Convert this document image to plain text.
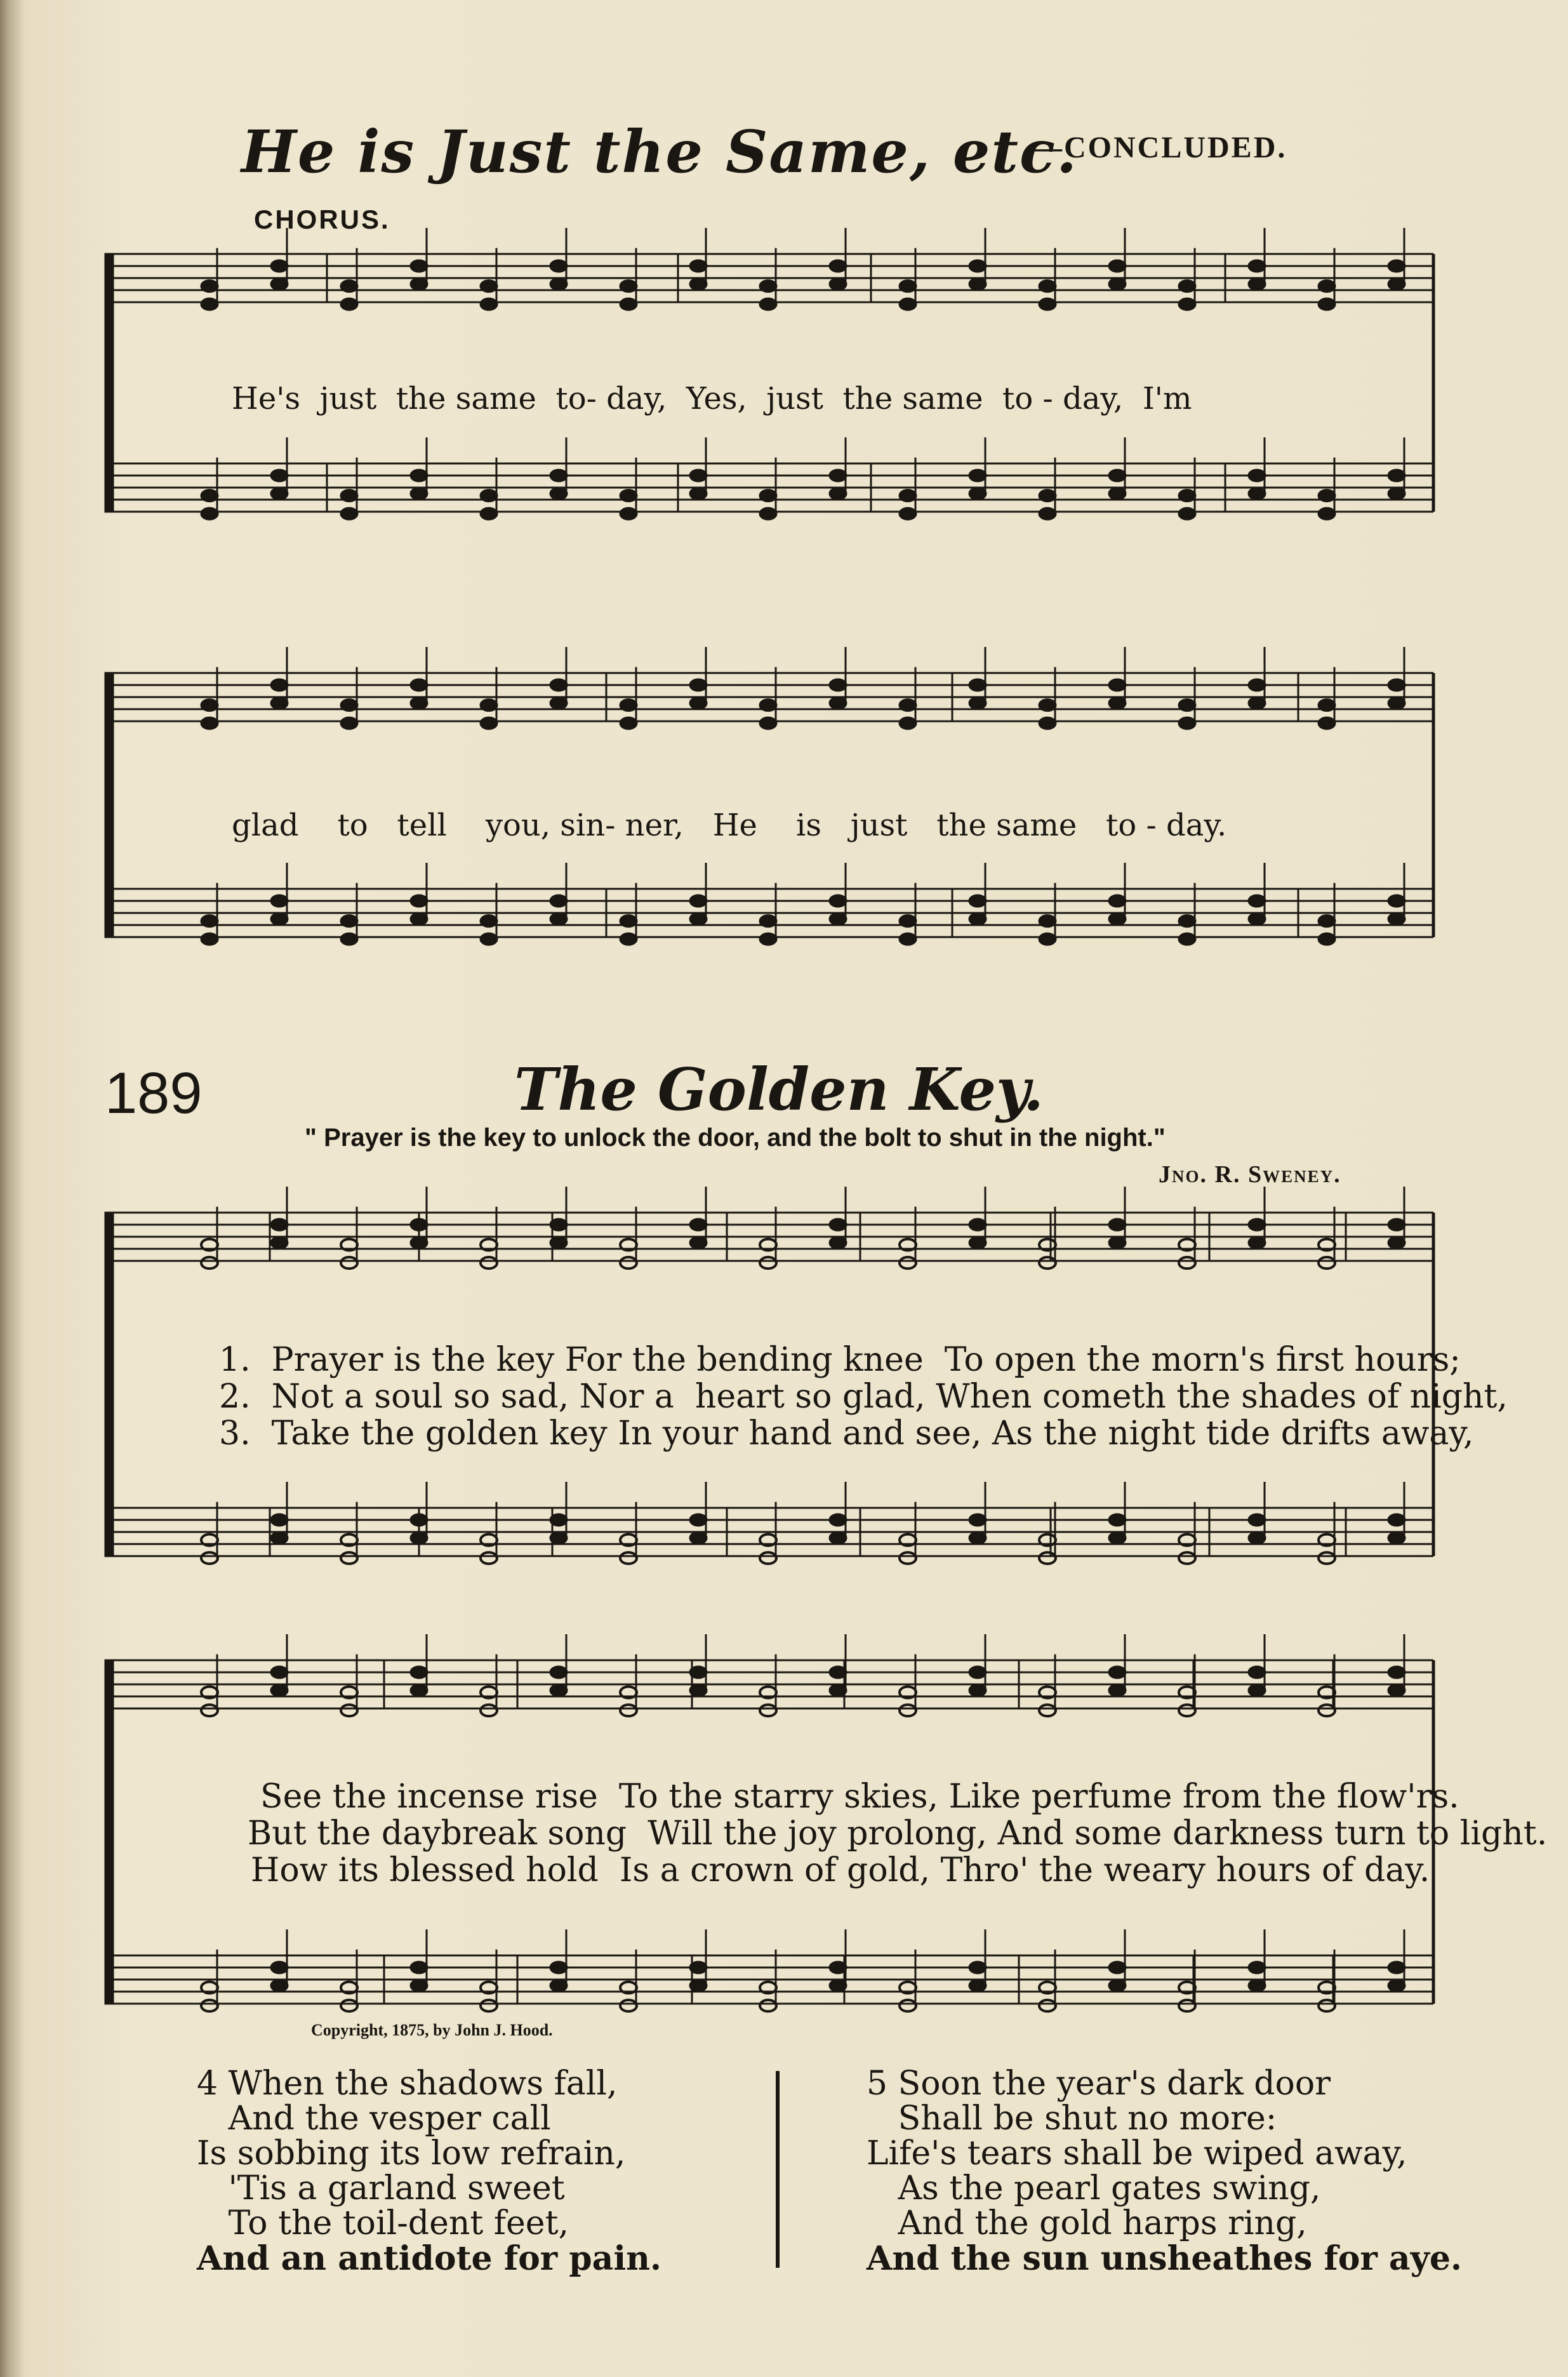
He is Just the Same, etc.
—CONCLUDED.
CHORUS.
He's  just  the same  to- day,  Yes,  just  the same  to - day,  I'm
glad    to   tell    you, sin- ner,   He    is   just   the same   to - day.
189	The Golden Key.
" Prayer is the key to unlock the door, and the bolt to shut in the night."
Jno. R. Sweney.
1.  Prayer is the key For the bending knee  To open the morn's first hours;
2.  Not a soul so sad, Nor a  heart so glad, When cometh the shades of night,
3.  Take the golden key In your hand and see, As the night tide drifts away,
See the incense rise  To the starry skies, Like perfume from the flow'rs.
But the daybreak song  Will the joy prolong, And some darkness turn to light.
How its blessed hold  Is a crown of gold, Thro' the weary hours of day.
Copyright, 1875, by John J. Hood.
4 When the shadows fall,
And the vesper call
Is sobbing its low refrain,
'Tis a garland sweet
To the toil-dent feet,
And an antidote for pain.
5 Soon the year's dark door
Shall be shut no more:
Life's tears shall be wiped away,
As the pearl gates swing,
And the gold harps ring,
And the sun unsheathes for aye.
